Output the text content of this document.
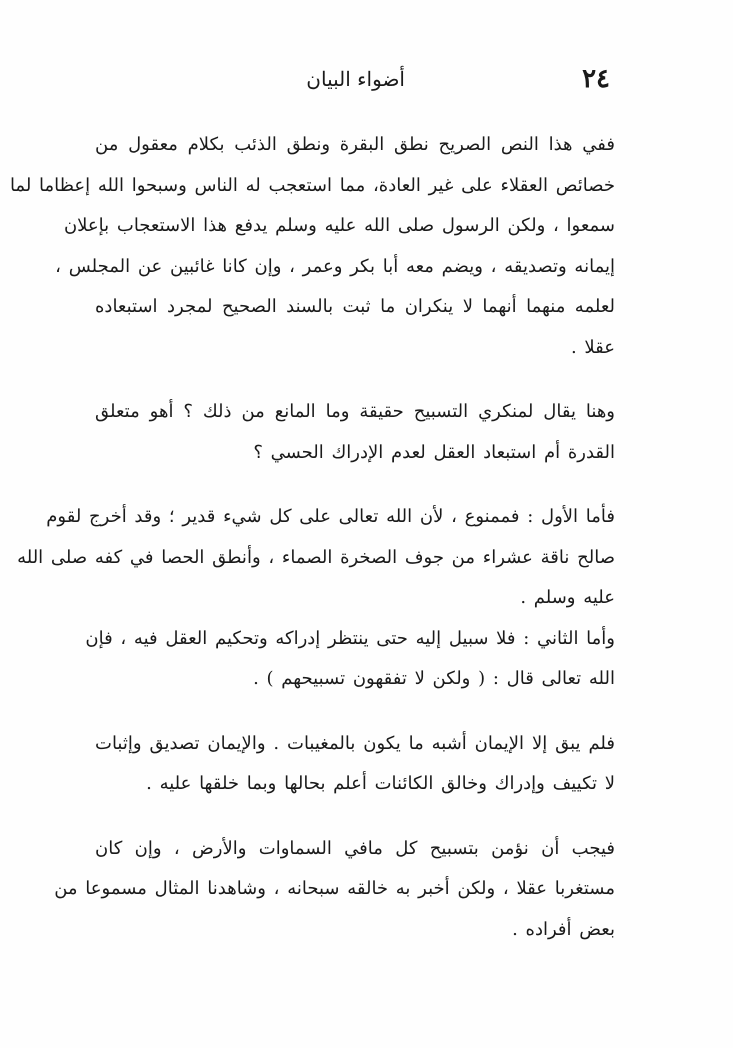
٢٤
أضواء البيان

ففي هذا النص الصريح نطق البقرة ونطق الذئب بكلام معقول من
خصائص العقلاء على غير العادة، مما استعجب له الناس وسبحوا الله إعظاما لما
سمعوا ، ولكن الرسول صلى الله عليه وسلم يدفع هذا الاستعجاب بإعلان
إيمانه وتصديقه ، ويضم معه أبا بكر وعمر ، وإن كانا غائبين عن المجلس ،
لعلمه منهما أنهما لا ينكران ما ثبت بالسند الصحيح لمجرد استبعاده
عقلا .

وهنا يقال لمنكري التسبيح حقيقة وما المانع من ذلك ؟ أهو متعلق
القدرة أم استبعاد العقل لعدم الإدراك الحسي ؟

فأما الأول : فممنوع ، لأن الله تعالى على كل شيء قدير ؛ وقد أخرج لقوم
صالح ناقة عشراء من جوف الصخرة الصماء ، وأنطق الحصا في كفه صلى الله
عليه وسلم .

وأما الثاني : فلا سبيل إليه حتى ينتظر إدراكه وتحكيم العقل فيه ، فإن
الله تعالى قال : ( ولكن لا تفقهون تسبيحهم ) .

فلم يبق إلا الإيمان أشبه ما يكون بالمغيبات . والإيمان تصديق وإثبات
لا تكييف وإدراك وخالق الكائنات أعلم بحالها وبما خلقها عليه .

فيجب أن نؤمن بتسبيح كل مافي السماوات والأرض ، وإن كان
مستغربا عقلا ، ولكن أخبر به خالقه سبحانه ، وشاهدنا المثال مسموعا من
بعض أفراده .
